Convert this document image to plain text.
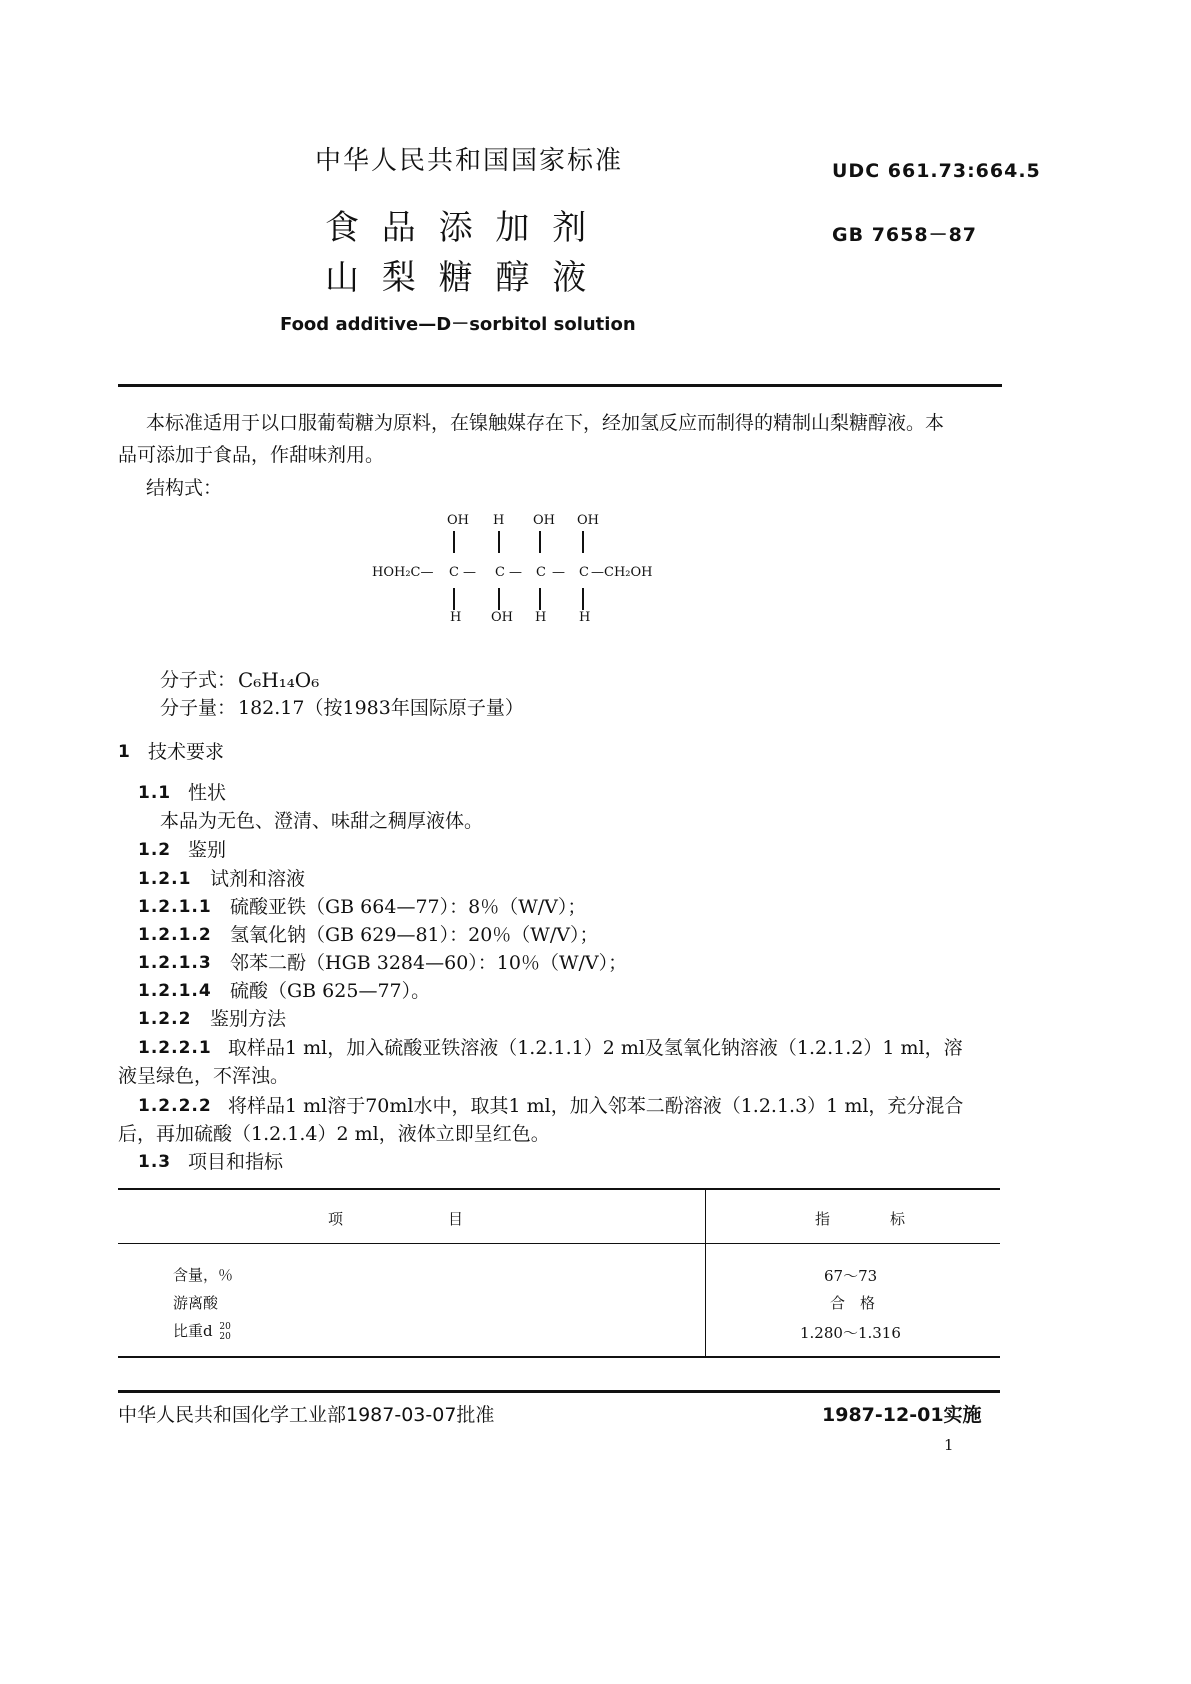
中华人民共和国国家标准	UDC 661.73:664.5
食 品 添 加 剂	GB 7658－87
山 梨 糖 醇 液
Food additive—D－sorbitol solution
本标准适用于以口服葡萄糖为原料，在镍触媒存在下，经加氢反应而制得的精制山梨糖醇液。本
品可添加于食品，作甜味剂用。
结构式：
OH H OH OH
HOH₂C— C — C — C — C —CH₂OH
H OH H	H
分子式： C₆H₁₄O₆
分子量： 182.17（按1983年国际原子量）
1 技术要求
1.1 性状
本品为无色、澄清、味甜之稠厚液体。
1.2 鉴别
1.2.1 试剂和溶液
1.2.1.1 硫酸亚铁（GB 664—77）：8％（W/V）；
1.2.1.2 氢氧化钠（GB 629—81）：20％（W/V）；
1.2.1.3 邻苯二酚（HGB 3284—60）：10％（W/V）；
1.2.1.4 硫酸（GB 625—77）。
1.2.2 鉴别方法
1.2.2.1 取样品1 ml，加入硫酸亚铁溶液（1.2.1.1）2 ml及氢氧化钠溶液（1.2.1.2）1 ml，溶
液呈绿色，不浑浊。
1.2.2.2 将样品1 ml溶于70ml水中，取其1 ml，加入邻苯二酚溶液（1.2.1.3）1 ml，充分混合
后，再加硫酸（1.2.1.4）2 ml，液体立即呈红色。
1.3 项目和指标
项　　　　　　　目	指　　　　标
含量，％	67～73
游离酸	合　格
比重d 20
20	1.280～1.316
中华人民共和国化学工业部1987-03-07批准	1987-12-01实施
1
